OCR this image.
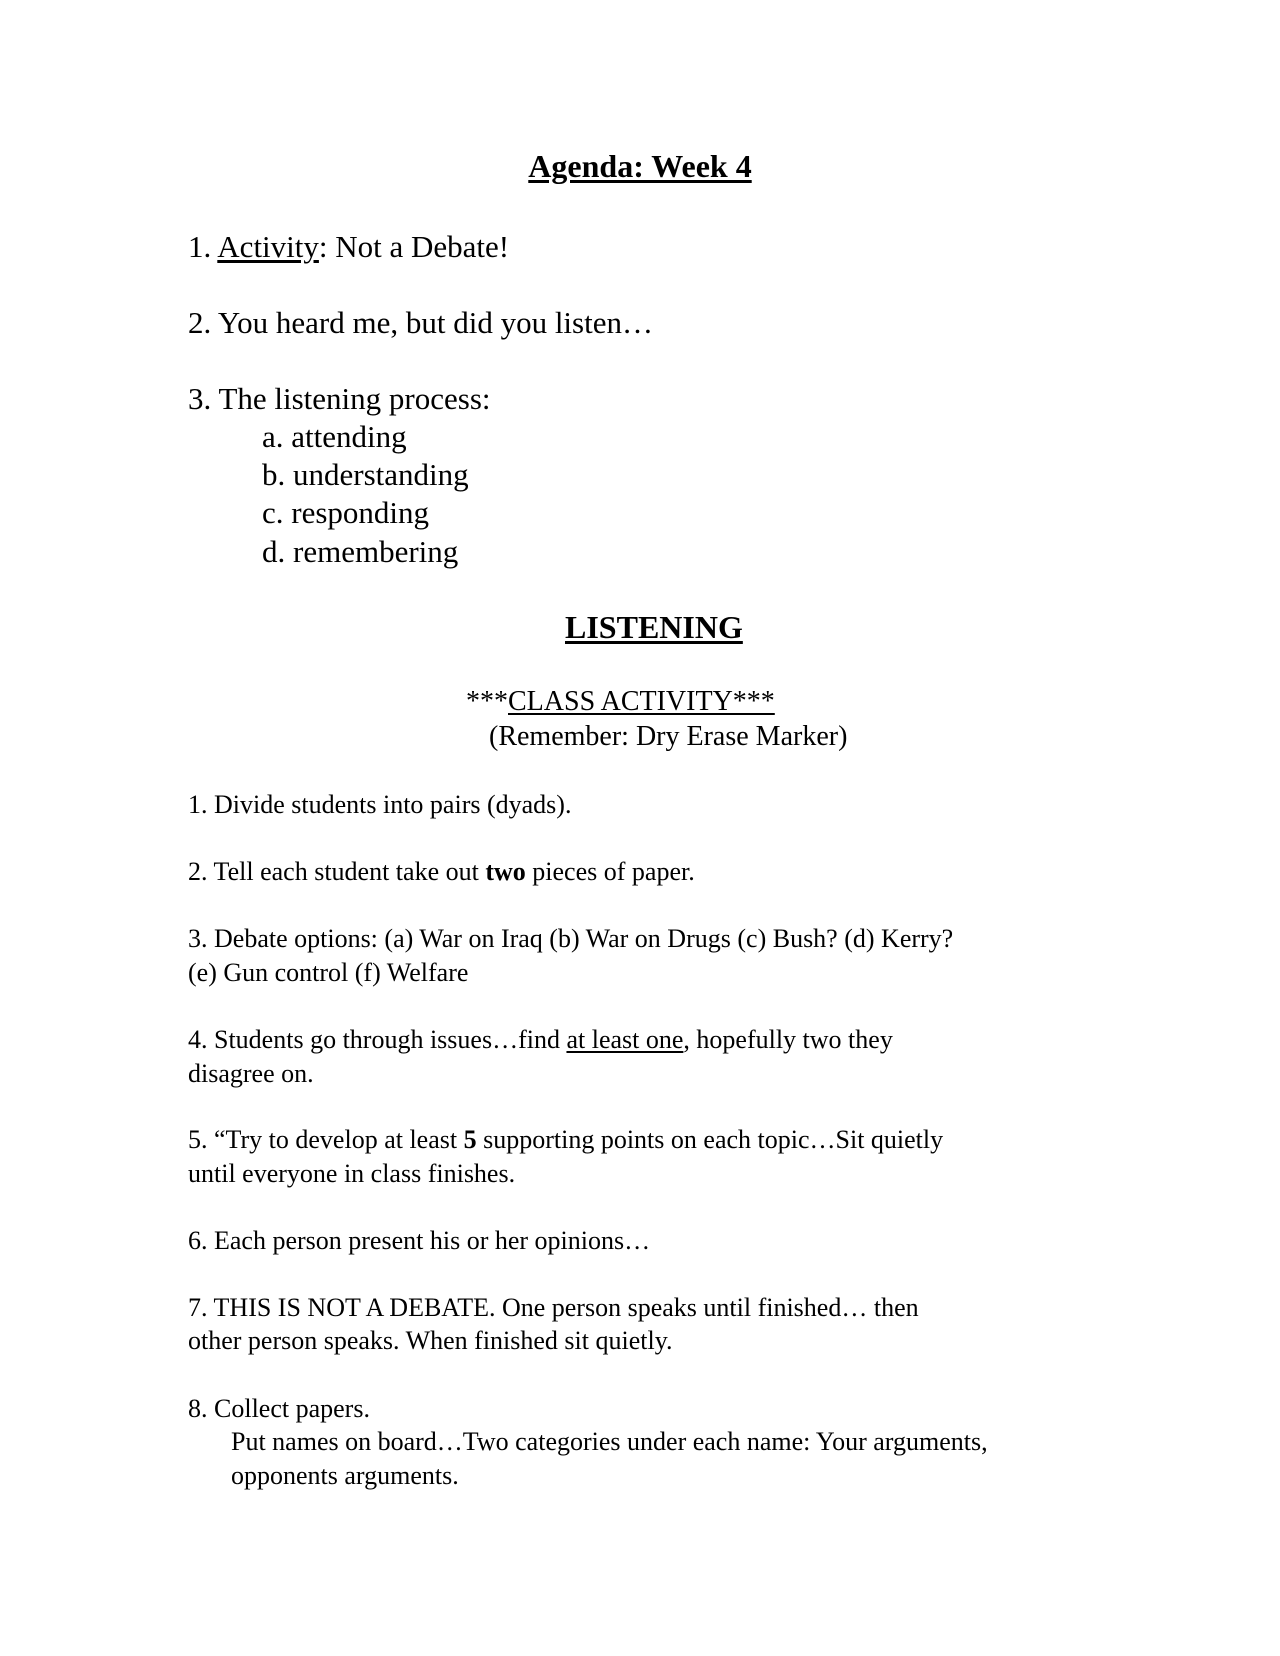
Agenda: Week 4
1. Activity: Not a Debate!
2. You heard me, but did you listen…
3. The listening process:
a. attending
b. understanding
c. responding
d. remembering
LISTENING
***CLASS ACTIVITY***
(Remember: Dry Erase Marker)
1. Divide students into pairs (dyads).
2. Tell each student take out two pieces of paper.
3. Debate options: (a) War on Iraq (b) War on Drugs (c) Bush? (d) Kerry?
(e) Gun control (f) Welfare
4. Students go through issues…find at least one, hopefully two they
disagree on.
5. “Try to develop at least 5 supporting points on each topic…Sit quietly
until everyone in class finishes.
6. Each person present his or her opinions…
7. THIS IS NOT A DEBATE. One person speaks until finished… then
other person speaks. When finished sit quietly.
8. Collect papers.
Put names on board…Two categories under each name: Your arguments,
opponents arguments.
